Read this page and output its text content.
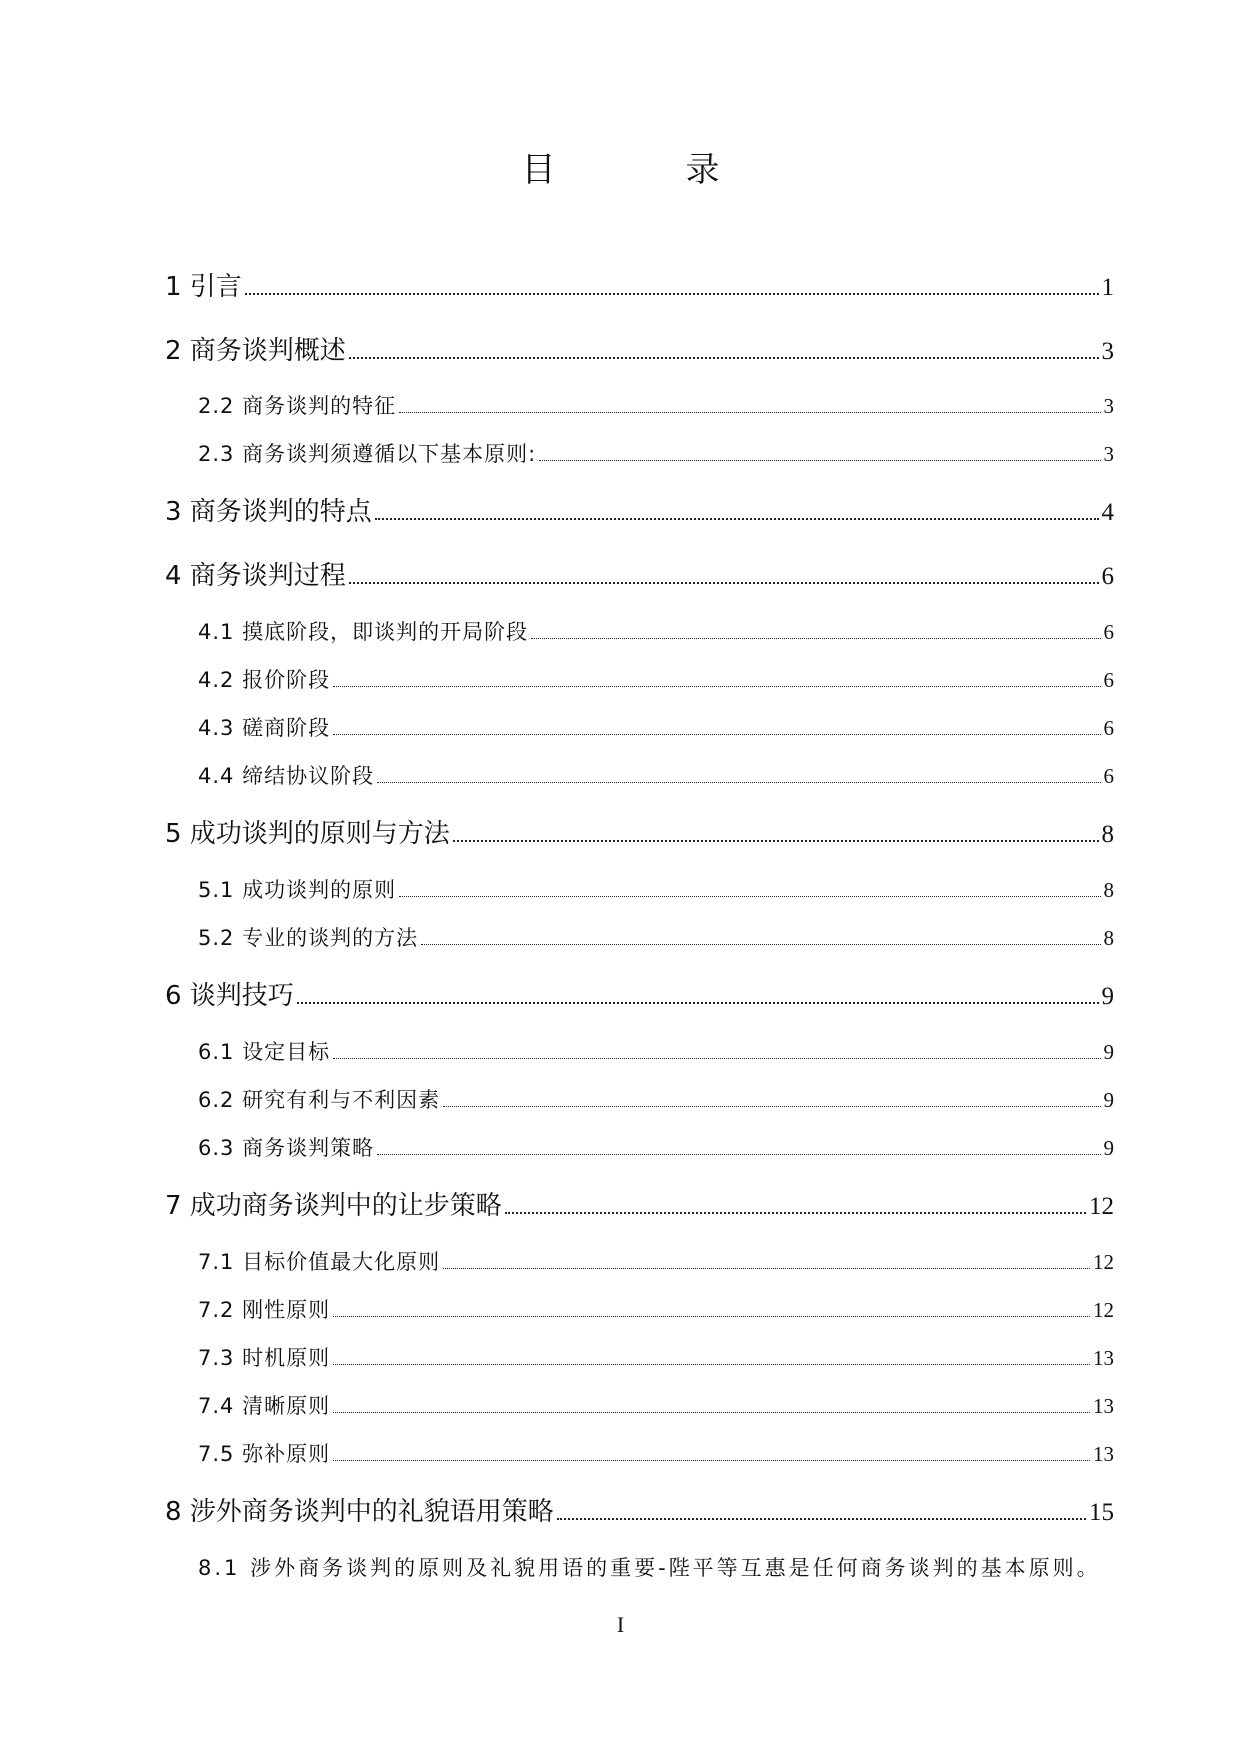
目　录
1 引言	1
2 商务谈判概述	3
2.2 商务谈判的特征	3
2.3 商务谈判须遵循以下基本原则:	3
3 商务谈判的特点	4
4 商务谈判过程	6
4.1 摸底阶段，即谈判的开局阶段	6
4.2 报价阶段	6
4.3 磋商阶段	6
4.4 缔结协议阶段	6
5 成功谈判的原则与方法	8
5.1 成功谈判的原则	8
5.2 专业的谈判的方法	8
6 谈判技巧	9
6.1 设定目标	9
6.2 研究有利与不利因素	9
6.3 商务谈判策略	9
7 成功商务谈判中的让步策略	12
7.1 目标价值最大化原则	12
7.2 刚性原则	12
7.3 时机原则	13
7.4 清晰原则	13
7.5 弥补原则	13
8 涉外商务谈判中的礼貌语用策略	15
8.1 涉外商务谈判的原则及礼貌用语的重要-陛平等互惠是任何商务谈判的基本原则。
I
